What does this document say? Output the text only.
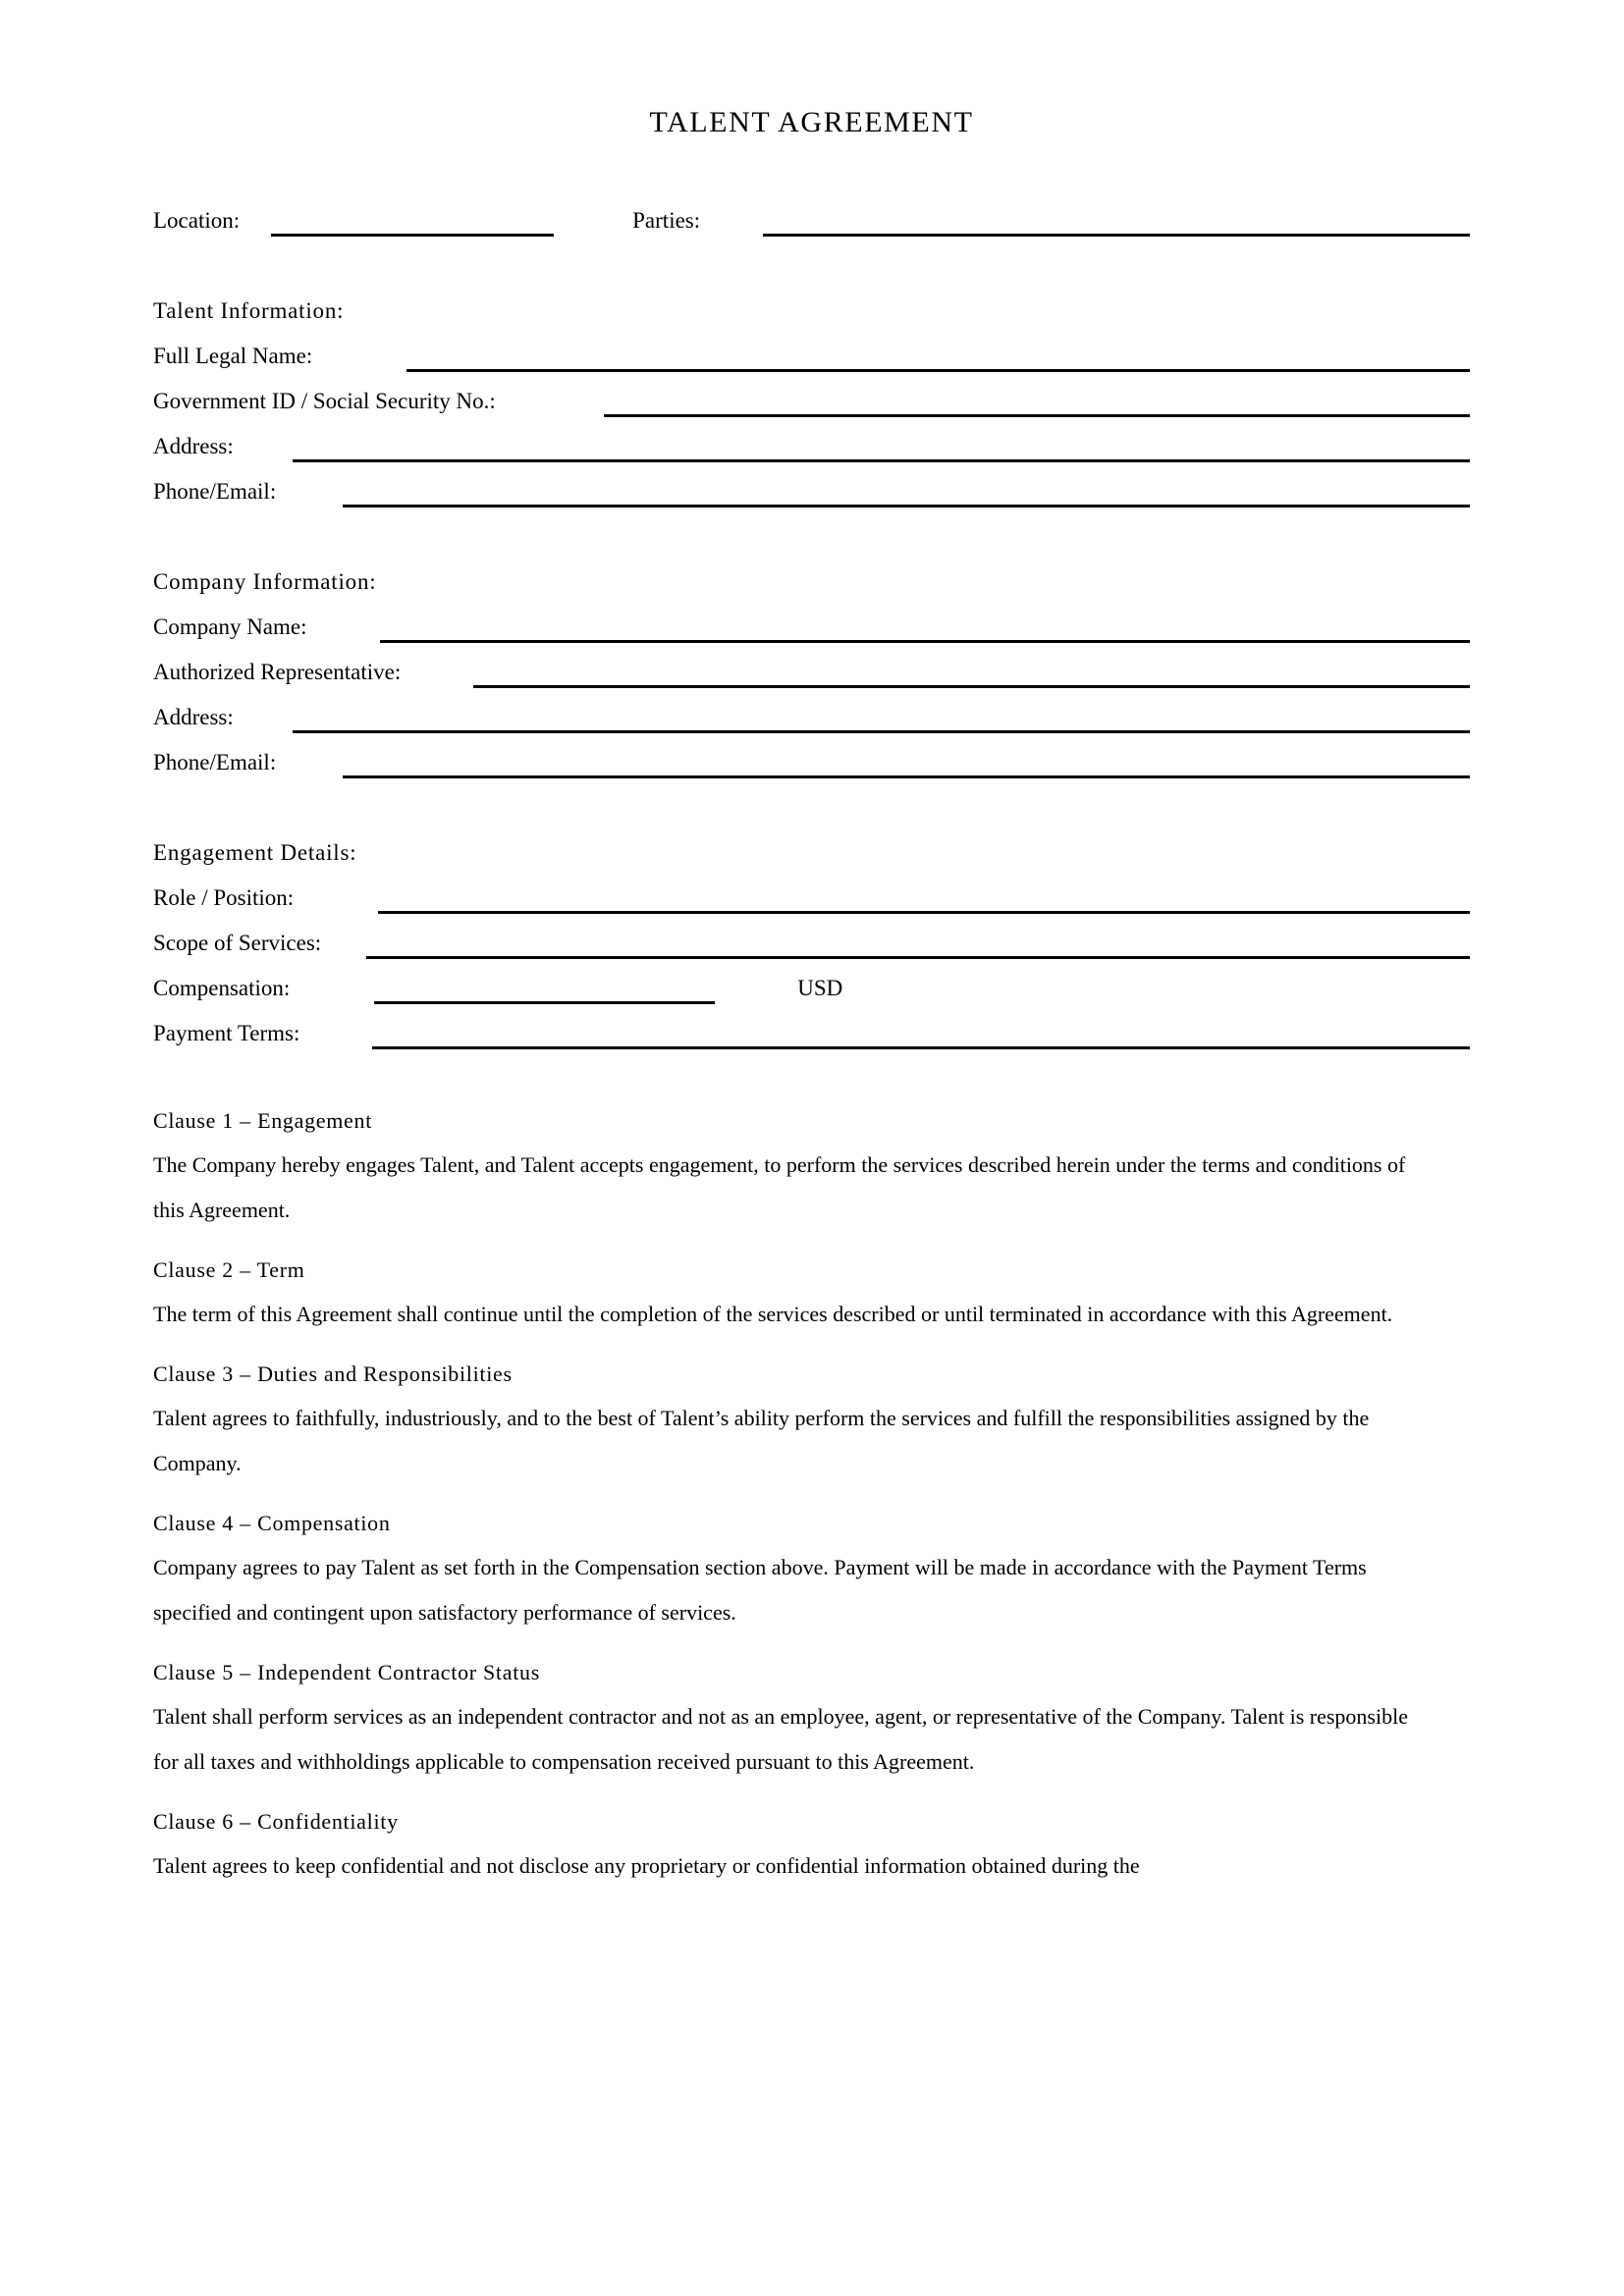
TALENT AGREEMENT
Location:	Parties:
Talent Information:
Full Legal Name:
Government ID / Social Security No.:
Address:
Phone/Email:
Company Information:
Company Name:
Authorized Representative:
Address:
Phone/Email:
Engagement Details:
Role / Position:
Scope of Services:
Compensation:	USD
Payment Terms:
Clause 1 – Engagement
The Company hereby engages Talent, and Talent accepts engagement, to perform the services described herein under the terms and conditions of this Agreement.
Clause 2 – Term
The term of this Agreement shall continue until the completion of the services described or until terminated in accordance with this Agreement.
Clause 3 – Duties and Responsibilities
Talent agrees to faithfully, industriously, and to the best of Talent’s ability perform the services and fulfill the responsibilities assigned by the Company.
Clause 4 – Compensation
Company agrees to pay Talent as set forth in the Compensation section above. Payment will be made in accordance with the Payment Terms specified and contingent upon satisfactory performance of services.
Clause 5 – Independent Contractor Status
Talent shall perform services as an independent contractor and not as an employee, agent, or representative of the Company. Talent is responsible for all taxes and withholdings applicable to compensation received pursuant to this Agreement.
Clause 6 – Confidentiality
Talent agrees to keep confidential and not disclose any proprietary or confidential information obtained during the
